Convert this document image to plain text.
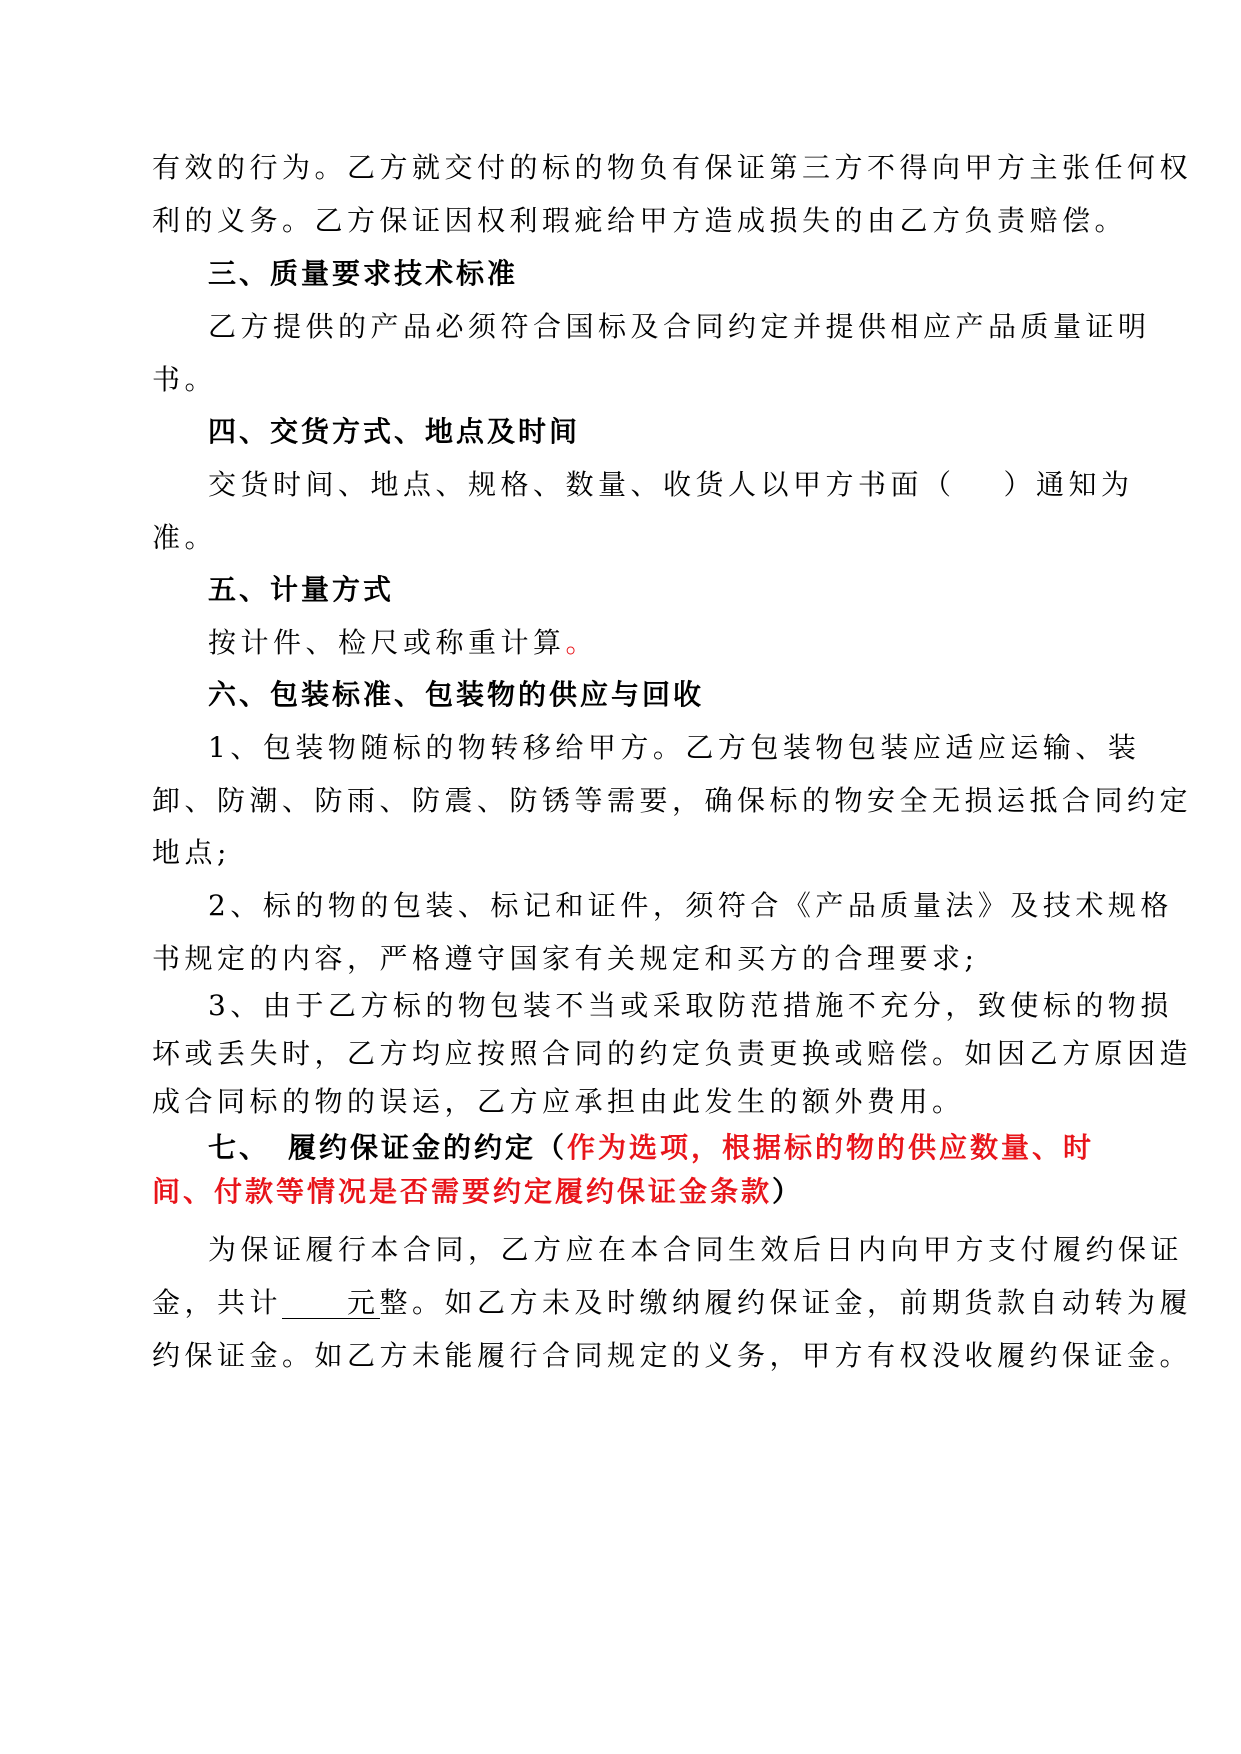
有效的行为。乙方就交付的标的物负有保证第三方不得向甲方主张任何权
利的义务。乙方保证因权利瑕疵给甲方造成损失的由乙方负责赔偿。
三、质量要求技术标准
乙方提供的产品必须符合国标及合同约定并提供相应产品质量证明
书。
四、交货方式、地点及时间
交货时间、地点、规格、数量、收货人以甲方书面（ ）通知为
准。
五、计量方式
按计件、检尺或称重计算。
六、包装标准、包装物的供应与回收
1、包装物随标的物转移给甲方。乙方包装物包装应适应运输、装
卸、防潮、防雨、防震、防锈等需要，确保标的物安全无损运抵合同约定
地点;
2、标的物的包装、标记和证件，须符合《产品质量法》及技术规格
书规定的内容，严格遵守国家有关规定和买方的合理要求;
3、由于乙方标的物包装不当或采取防范措施不充分，致使标的物损
坏或丢失时，乙方均应按照合同的约定负责更换或赔偿。如因乙方原因造
成合同标的物的误运，乙方应承担由此发生的额外费用。
七、 履约保证金的约定（作为选项，根据标的物的供应数量、时
间、付款等情况是否需要约定履约保证金条款）
为保证履行本合同，乙方应在本合同生效后日内向甲方支付履约保证
金，共计　　元整。如乙方未及时缴纳履约保证金，前期货款自动转为履
约保证金。如乙方未能履行合同规定的义务，甲方有权没收履约保证金。
